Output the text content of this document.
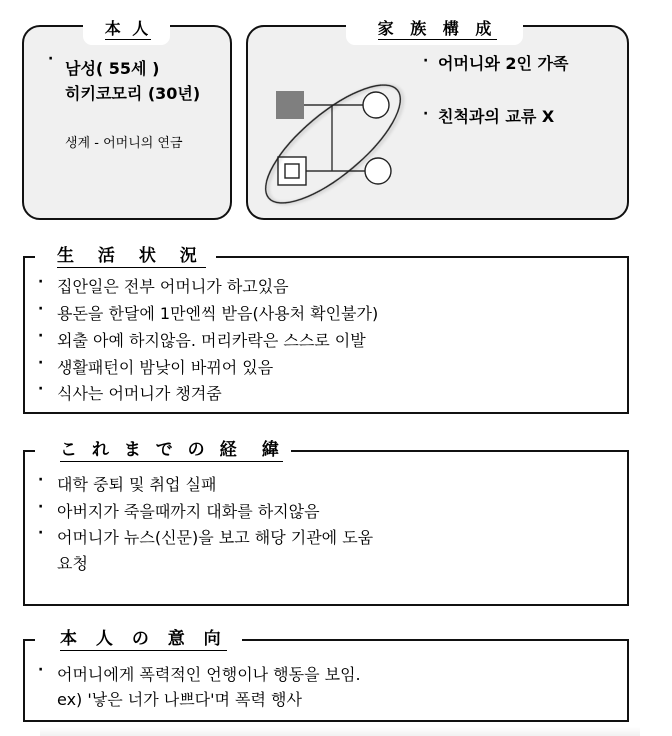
· 남성( 55세 )
히키코모리 (30년)
생계 - 어머니의 연금
本 人
· 어머니와 2인 가족
· 친척과의 교류 X
家 族 構 成
生 活 状 況
· 집안일은 전부 어머니가 하고있음
· 용돈을 한달에 1만엔씩 받음(사용처 확인불가)
· 외출 아예 하지않음. 머리카락은 스스로 이발
· 생활패턴이 밤낮이 바뀌어 있음
· 식사는 어머니가 챙겨줌
こ れ ま で の 経  緯
· 대학 중퇴 및 취업 실패
· 아버지가 죽을때까지 대화를 하지않음
· 어머니가 뉴스(신문)을 보고 해당 기관에 도움
요청
本 人 の 意 向
· 어머니에게 폭력적인 언행이나 행동을 보임.
ex) '낳은 너가 나쁘다'며 폭력 행사
